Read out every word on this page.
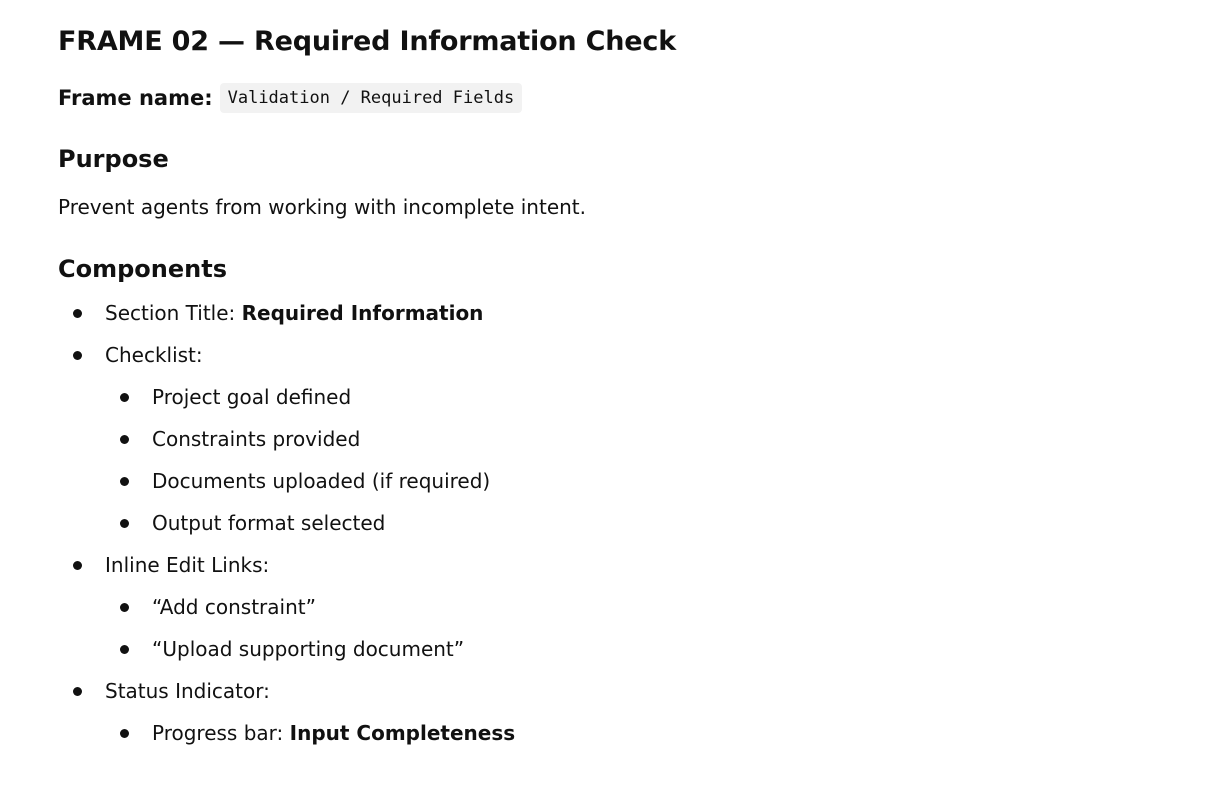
FRAME 02 — Required Information Check
Frame name: Validation / Required Fields
Purpose

Prevent agents from working with incomplete intent.

Components
Section Title: Required Information
Checklist:
Project goal defined
Constraints provided
Documents uploaded (if required)
Output format selected
Inline Edit Links:
“Add constraint”
“Upload supporting document”
Status Indicator:
Progress bar: Input Completeness
